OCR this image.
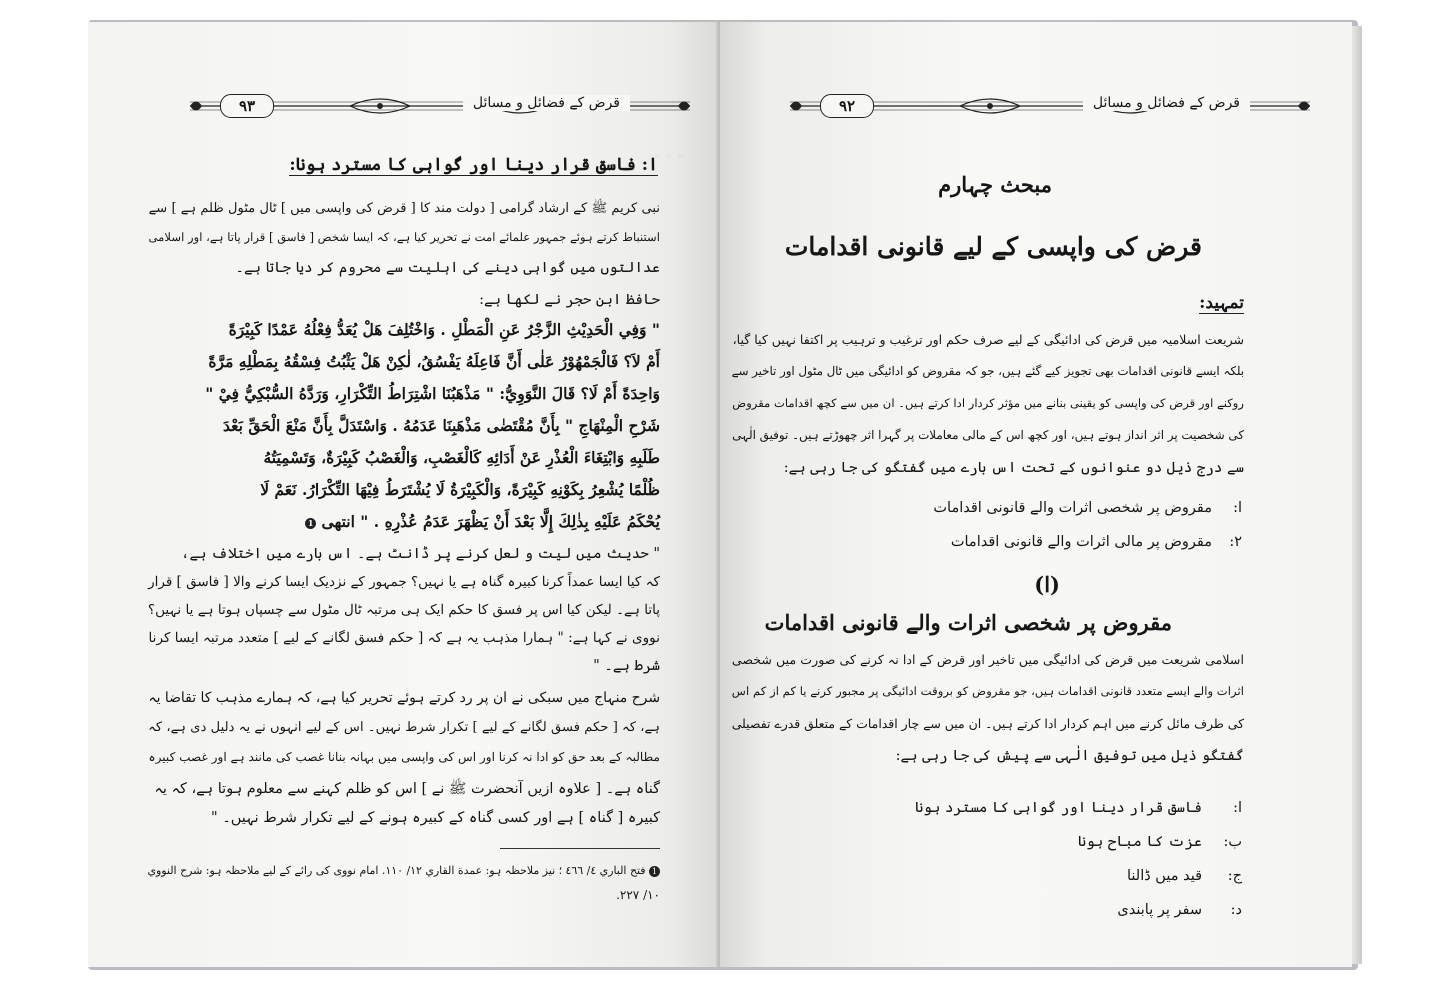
◦ ◦ ◦
۹۳	قرض کے فضائل و مسائل
ا: فاسق قرار دینا اور گواہی کا مسترد ہونا:
نبی کریم ﷺ کے ارشاد گرامی [ دولت مند کا [ قرض کی واپسی میں ] ٹال مٹول ظلم ہے ] سے
استنباط کرتے ہوئے جمہور علمائے امت نے تحریر کیا ہے، کہ ایسا شخص [ فاسق ] قرار پاتا ہے، اور اسلامی
عدالتوں میں گواہی دینے کی اہلیت سے محروم کر دیا جاتا ہے۔
حافظ ابن حجر نے لکھا ہے:
" وَفِي الْحَدِيْثِ الزَّجْرُ عَنِ الْمَطْلِ . وَاخْتُلِفَ هَلْ يُعَدُّ فِعْلُهُ عَمْدًا كَبِيْرَةً
أَمْ لاَ؟ فَالْجَمْهُوْرُ عَلٰى أَنَّ فَاعِلَهُ يَفْسُقُ، لٰكِنْ هَلْ يَثْبُتُ فِسْقُهُ بِمَطْلِهِ مَرَّةً
وَاحِدَةً أَمْ لَا؟ قَالَ النَّوَوِيُّ: " مَذْهَبُنَا اشْتِرَاطُ التِّكْرَارِ، وَرَدَّهُ السُّبْكِيُّ فِيْ "
شَرْحِ الْمِنْهَاجِ " بِأَنَّ مُقْتَضٰى مَذْهَبِنَا عَدَمُهُ . وَاسْتَدَلَّ بِأَنَّ مَنْعَ الْحَقِّ بَعْدَ
طَلَبِهِ وَابْتِغَاءَ الْعُذْرِ عَنْ أَدَائِهِ كَالْغَصْبِ، وَالْغَصْبُ كَبِيْرَةٌ، وَتَسْمِيَتُهُ
ظُلْمًا يُشْعِرُ بِكَوْنِهِ كَبِيْرَةً، وَالْكَبِيْرَةُ لَا يُشْتَرَطُ فِيْهَا التِّكْرَارُ. نَعَمْ لَا
يُحْكَمُ عَلَيْهِ بِذٰلِكَ إِلَّا بَعْدَ أَنْ يَظْهَرَ عَدَمُ عُذْرِهِ . " انتهی 1
" حدیث میں لیت و لعل کرنے پر ڈانٹ ہے۔ اس بارے میں اختلاف ہے،
کہ کیا ایسا عمداً کرنا کبیرہ گناہ ہے یا نہیں؟ جمہور کے نزدیک ایسا کرنے والا [ فاسق ] قرار
پاتا ہے۔ لیکن کیا اس پر فسق کا حکم ایک ہی مرتبہ ٹال مٹول سے چسپاں ہوتا ہے یا نہیں؟
نووی نے کہا ہے: " ہمارا مذہب یہ ہے کہ [ حکم فسق لگانے کے لیے ] متعدد مرتبہ ایسا کرنا
شرط ہے۔ "
شرح منہاج میں سبکی نے ان پر رد کرتے ہوئے تحریر کیا ہے، کہ ہمارے مذہب کا تقاضا یہ
ہے، کہ [ حکم فسق لگانے کے لیے ] تکرار شرط نہیں۔ اس کے لیے انہوں نے یہ دلیل دی ہے، کہ
مطالبہ کے بعد حق کو ادا نہ کرنا اور اس کی واپسی میں بہانہ بنانا غصب کی مانند ہے اور غصب کبیرہ
گناہ ہے۔ [ علاوہ ازیں آنحضرت ﷺ نے ] اس کو ظلم کہنے سے معلوم ہوتا ہے، کہ یہ
کبیرہ [ گناہ ] ہے اور کسی گناہ کے کبیرہ ہونے کے لیے تکرار شرط نہیں۔ "
1 فتح الباري ٤/ ٤٦٦ ؛ نیز ملاحظہ ہو: عمدة القاري ١٢/ ١١٠. امام نووی کی رائے کے لیے ملاحظہ ہو: شرح النووي
١٠/ ٢٢٧.
۹۲	قرض کے فضائل و مسائل
مبحث چہارم
قرض کی واپسی کے لیے قانونی اقدامات
تمہید:
شریعت اسلامیہ میں قرض کی ادائیگی کے لیے صرف حکم اور ترغیب و ترہیب پر اکتفا نہیں کیا گیا،
بلکہ ایسے قانونی اقدامات بھی تجویز کیے گئے ہیں، جو کہ مقروض کو ادائیگی میں ٹال مٹول اور تاخیر سے
روکنے اور قرض کی واپسی کو یقینی بنانے میں مؤثر کردار ادا کرتے ہیں۔ ان میں سے کچھ اقدامات مقروض
کی شخصیت پر اثر انداز ہوتے ہیں، اور کچھ اس کے مالی معاملات پر گہرا اثر چھوڑتے ہیں۔ توفیق الٰہی
سے درج ذیل دو عنوانوں کے تحت اس بارے میں گفتگو کی جا رہی ہے:
ا:
مقروض پر شخصی اثرات والے قانونی اقدامات
۲:
مقروض پر مالی اثرات والے قانونی اقدامات
(ا)
مقروض پر شخصی اثرات والے قانونی اقدامات
اسلامی شریعت میں قرض کی ادائیگی میں تاخیر اور قرض کے ادا نہ کرنے کی صورت میں شخصی
اثرات والے ایسے متعدد قانونی اقدامات ہیں، جو مقروض کو بروقت ادائیگی پر مجبور کرنے یا کم از کم اس
کی طرف مائل کرنے میں اہم کردار ادا کرتے ہیں۔ ان میں سے چار اقدامات کے متعلق قدرے تفصیلی
گفتگو ذیل میں توفیق الٰہی سے پیش کی جا رہی ہے:
ا:
فاسق قرار دینا اور گواہی کا مسترد ہونا
ب:
عزت کا مباح ہونا
ج:
قید میں ڈالنا
د:
سفر پر پابندی
